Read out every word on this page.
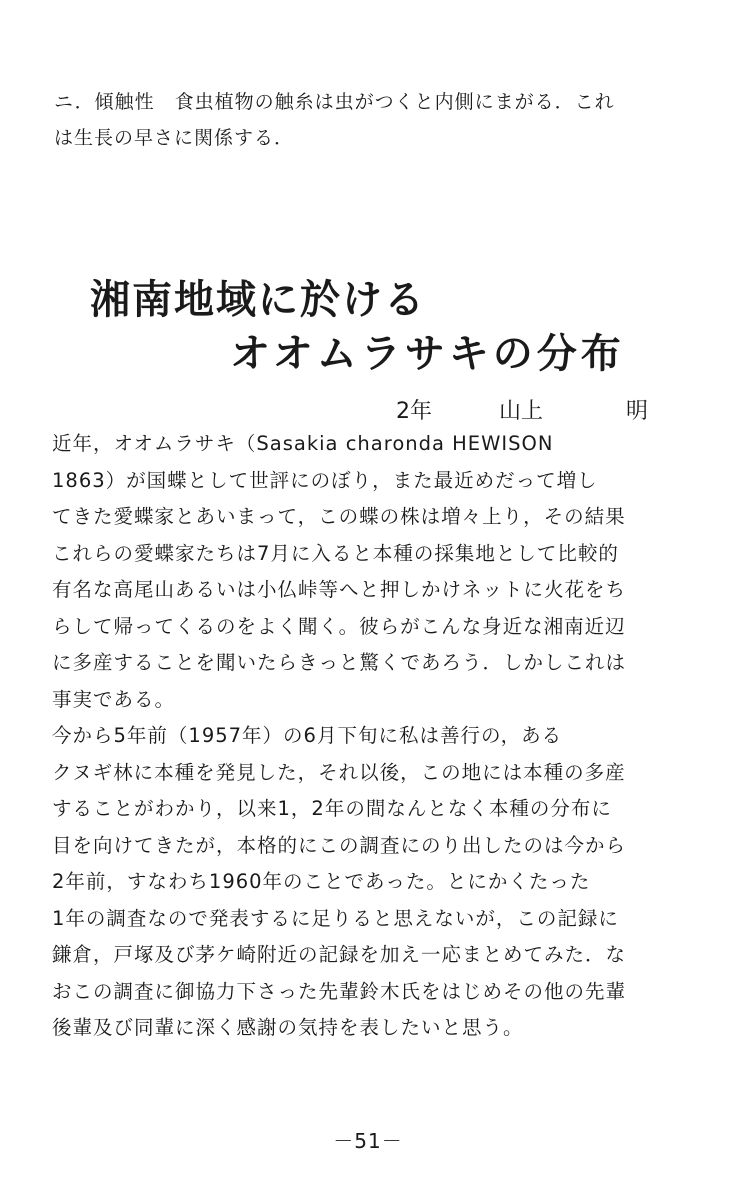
ニ．傾触性　食虫植物の触糸は虫がつくと内側にまがる．これ
は生長の早さに関係する．
湘南地域に於ける
オオムラサキの分布
2年	山上	明
近年，オオムラサキ（Sasakia charonda HEWISON
1863）が国蝶として世評にのぼり，また最近めだって増し
てきた愛蝶家とあいまって，この蝶の株は増々上り，その結果
これらの愛蝶家たちは7月に入ると本種の採集地として比較的
有名な高尾山あるいは小仏峠等へと押しかけネットに火花をち
らして帰ってくるのをよく聞く。彼らがこんな身近な湘南近辺
に多産することを聞いたらきっと驚くであろう．しかしこれは
事実である。
今から5年前（1957年）の6月下旬に私は善行の，ある
クヌギ林に本種を発見した，それ以後，この地には本種の多産
することがわかり，以来1，2年の間なんとなく本種の分布に
目を向けてきたが，本格的にこの調査にのり出したのは今から
2年前，すなわち1960年のことであった。とにかくたった
1年の調査なので発表するに足りると思えないが，この記録に
鎌倉，戸塚及び茅ケ崎附近の記録を加え一応まとめてみた．な
おこの調査に御協力下さった先輩鈴木氏をはじめその他の先輩
後輩及び同輩に深く感謝の気持を表したいと思う。
－51－
